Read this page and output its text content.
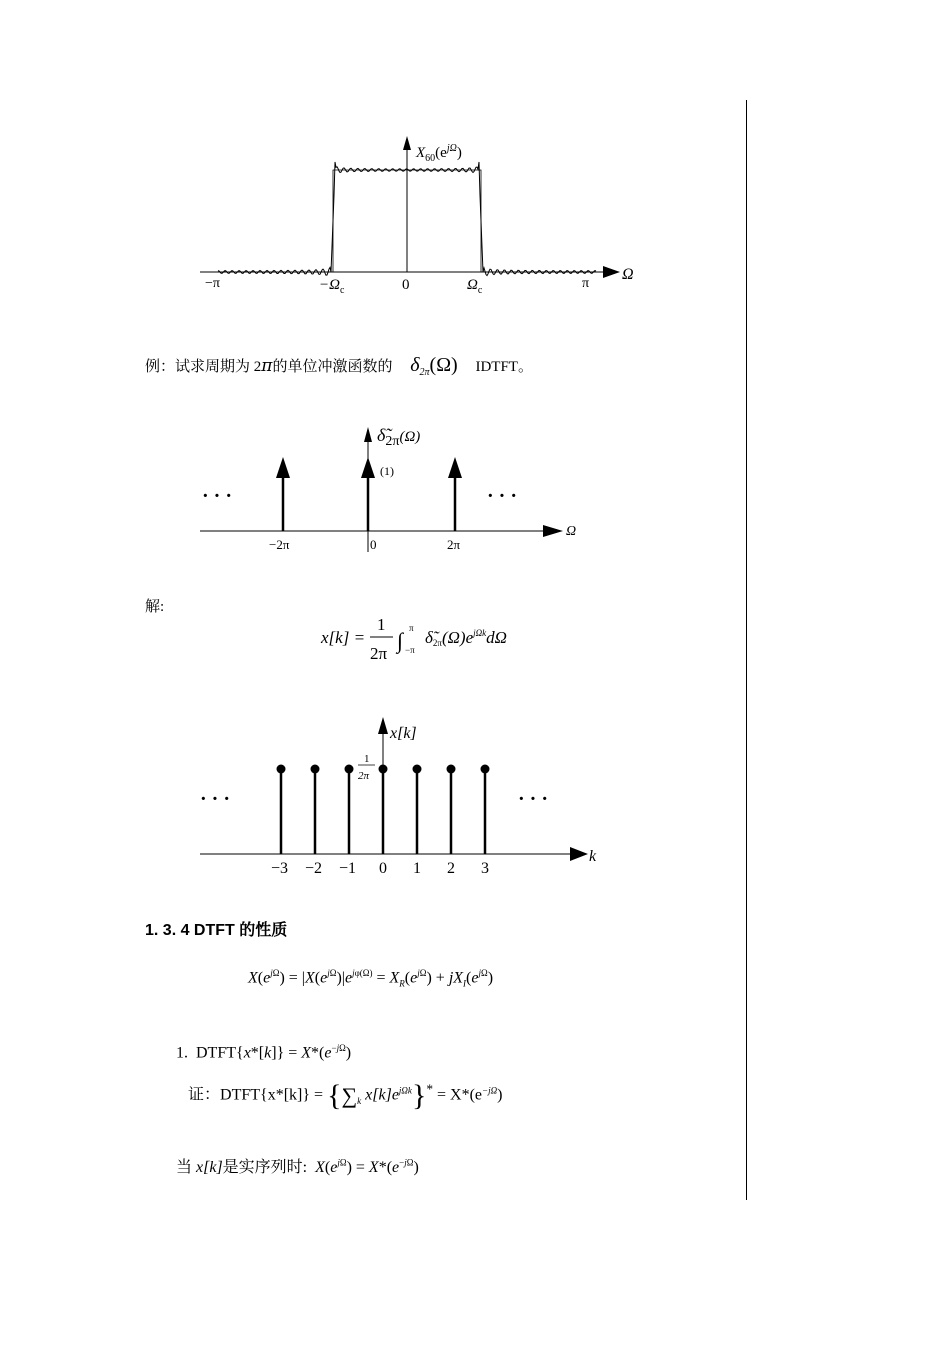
$X_{60}(e^{j\Omega})$
Ω
−π	$-\Omega_c$	0	$\Omega_c$	π
例：试求周期为 2π的单位冲激函数的 $\delta_{2\pi}(\Omega)$ IDTFT。
$\deltã_{2\pi}^{(\Omega)}$
(1)
· · ·	· · ·
Ω
−2π	0	2π
解:
x[k] =
1
2π
∫ π
−π
$\deltã2\pi(\Omega)e^{j\Omega k}d\Omega$
x[k]
1
2π
· · ·	· · ·
k
−3 −2 −1 0 1 2 3
1. 3. 4 DTFT 的性质
$X(e^{j\Omega}) = |X(e^{j\Omega})|e^{j\varphi(\Omega)} = X_R(e^{j\Omega}) + jX_I(e^{j\Omega})$
1.  DTFT{x*[k]} = $X*(e^{-j\Omega})$
证：DTFT{x*[k]} = {$\sum_k$ $x[k]e^{j\Omega k}\}^* = X*(e^{-j\Omega})$
当 x[k]是实序列时: $X(e^{j\Omega}) = X*(e^{-j\Omega})$
